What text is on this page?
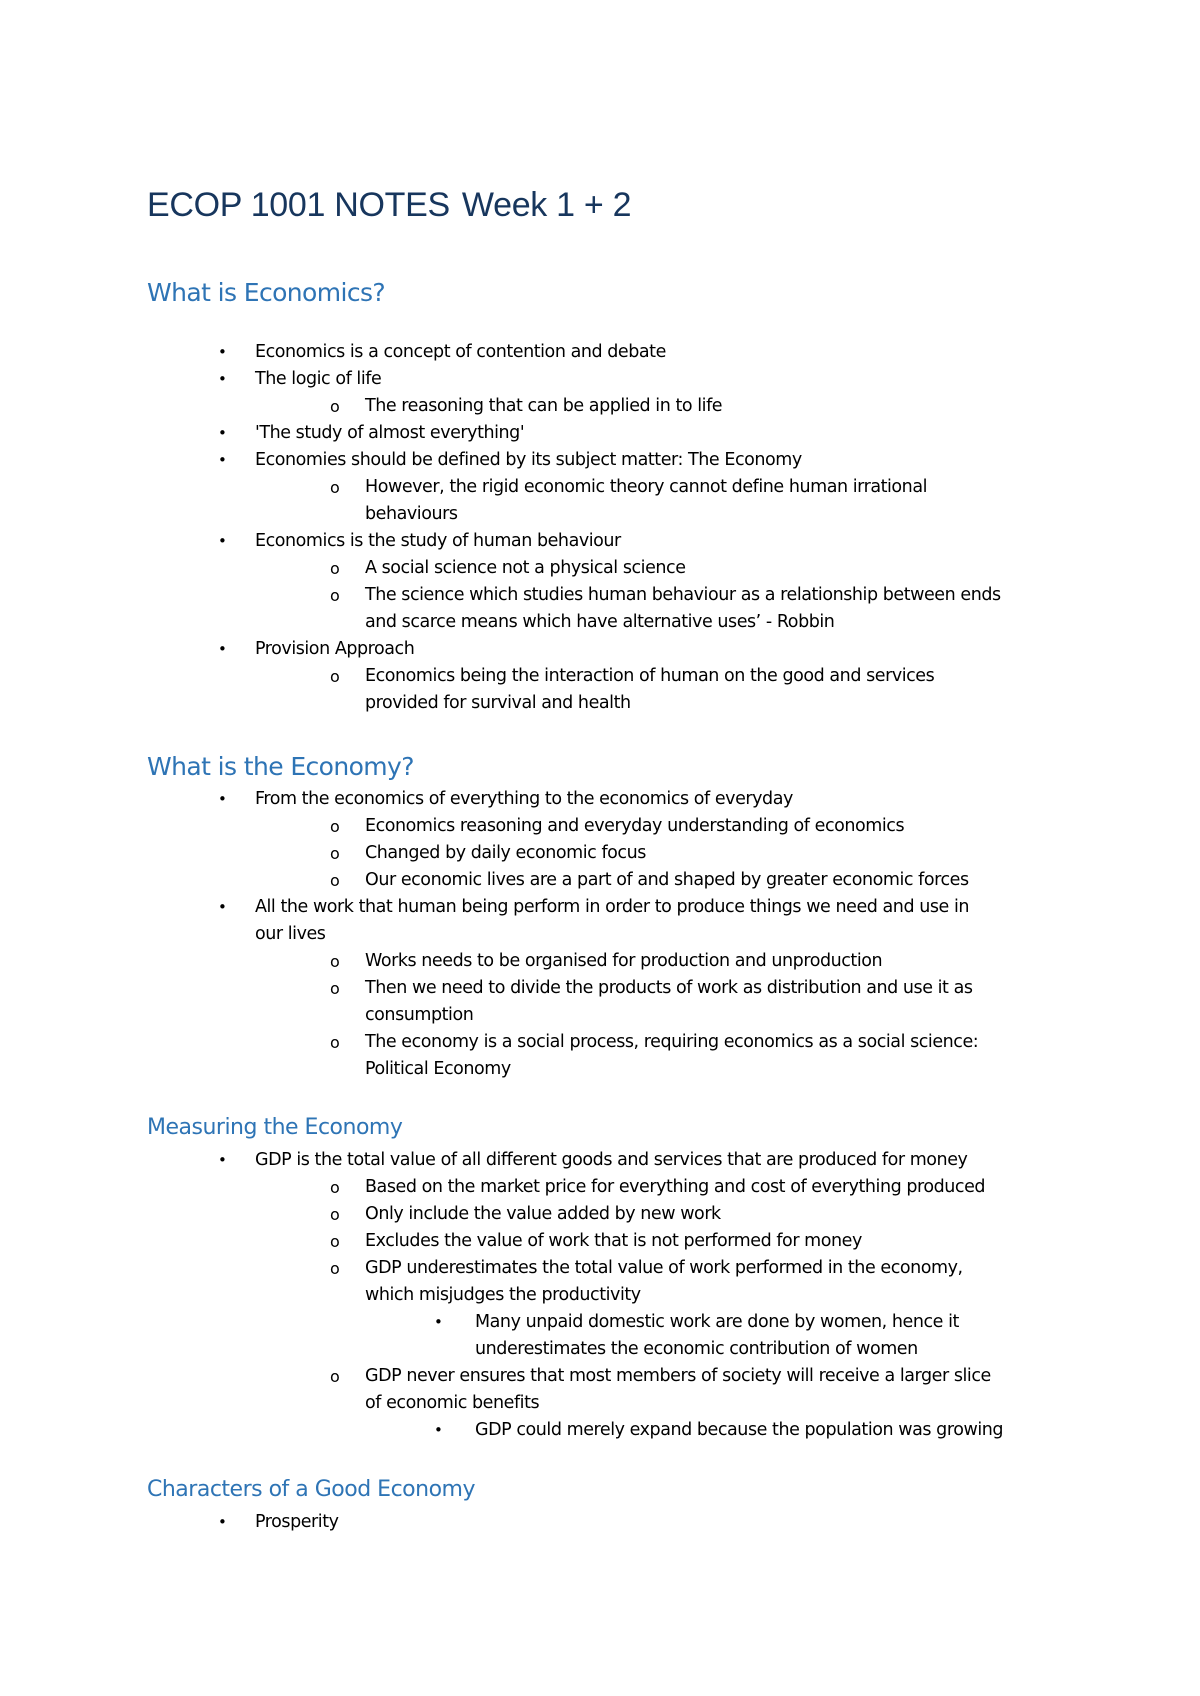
ECOP 1001 NOTES Week 1 + 2
What is Economics?
• Economics is a concept of contention and debate
• The logic of life
o The reasoning that can be applied in to life
• 'The study of almost everything'
• Economies should be defined by its subject matter: The Economy
o However, the rigid economic theory cannot define human irrational
behaviours
• Economics is the study of human behaviour
o A social science not a physical science
o The science which studies human behaviour as a relationship between ends
and scarce means which have alternative uses’ - Robbin
• Provision Approach
o Economics being the interaction of human on the good and services
provided for survival and health
What is the Economy?
• From the economics of everything to the economics of everyday
o Economics reasoning and everyday understanding of economics
o Changed by daily economic focus
o Our economic lives are a part of and shaped by greater economic forces
• All the work that human being perform in order to produce things we need and use in
our lives
o Works needs to be organised for production and unproduction
o Then we need to divide the products of work as distribution and use it as
consumption
o The economy is a social process, requiring economics as a social science:
Political Economy
Measuring the Economy
• GDP is the total value of all different goods and services that are produced for money
o Based on the market price for everything and cost of everything produced
o Only include the value added by new work
o Excludes the value of work that is not performed for money
o GDP underestimates the total value of work performed in the economy,
which misjudges the productivity
• Many unpaid domestic work are done by women, hence it
underestimates the economic contribution of women
o GDP never ensures that most members of society will receive a larger slice
of economic benefits
• GDP could merely expand because the population was growing
Characters of a Good Economy
• Prosperity
